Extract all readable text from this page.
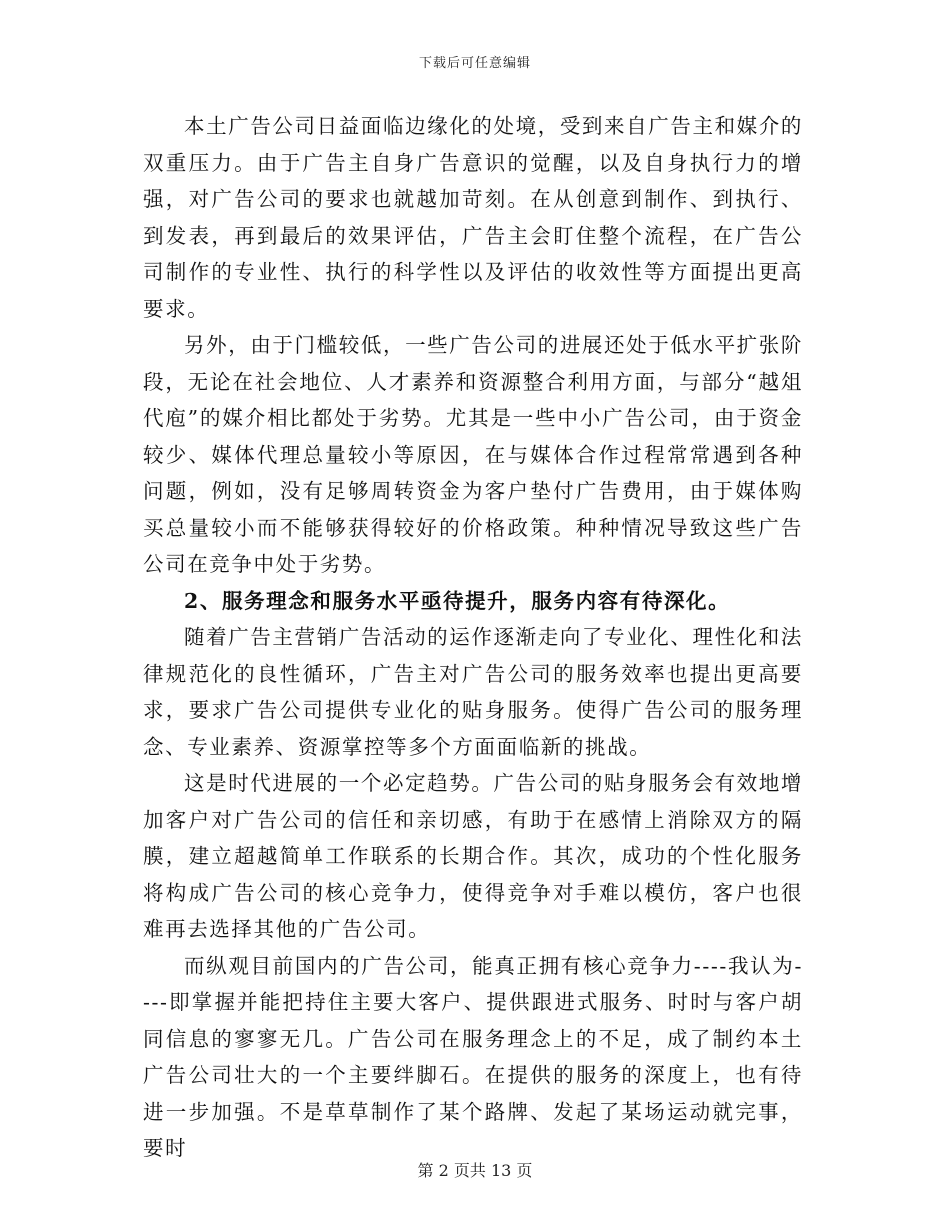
下载后可任意编辑

本土广告公司日益面临边缘化的处境，受到来自广告主和媒介的双重压力。由于广告主自身广告意识的觉醒，以及自身执行力的增强，对广告公司的要求也就越加苛刻。在从创意到制作、到执行、到发表，再到最后的效果评估，广告主会盯住整个流程，在广告公司制作的专业性、执行的科学性以及评估的收效性等方面提出更高要求。

另外，由于门槛较低，一些广告公司的进展还处于低水平扩张阶段，无论在社会地位、人才素养和资源整合利用方面，与部分“越俎代庖”的媒介相比都处于劣势。尤其是一些中小广告公司，由于资金较少、媒体代理总量较小等原因，在与媒体合作过程常常遇到各种问题，例如，没有足够周转资金为客户垫付广告费用，由于媒体购买总量较小而不能够获得较好的价格政策。种种情况导致这些广告公司在竞争中处于劣势。

2、服务理念和服务水平亟待提升，服务内容有待深化。

随着广告主营销广告活动的运作逐渐走向了专业化、理性化和法律规范化的良性循环，广告主对广告公司的服务效率也提出更高要求，要求广告公司提供专业化的贴身服务。使得广告公司的服务理念、专业素养、资源掌控等多个方面面临新的挑战。

这是时代进展的一个必定趋势。广告公司的贴身服务会有效地增加客户对广告公司的信任和亲切感，有助于在感情上消除双方的隔膜，建立超越简单工作联系的长期合作。其次，成功的个性化服务将构成广告公司的核心竞争力，使得竞争对手难以模仿，客户也很难再去选择其他的广告公司。

而纵观目前国内的广告公司，能真正拥有核心竞争力----我认为----即掌握并能把持住主要大客户、提供跟进式服务、时时与客户胡同信息的寥寥无几。广告公司在服务理念上的不足，成了制约本土广告公司壮大的一个主要绊脚石。在提供的服务的深度上，也有待进一步加强。不是草草制作了某个路牌、发起了某场运动就完事，要时

第 2 页共 13 页
